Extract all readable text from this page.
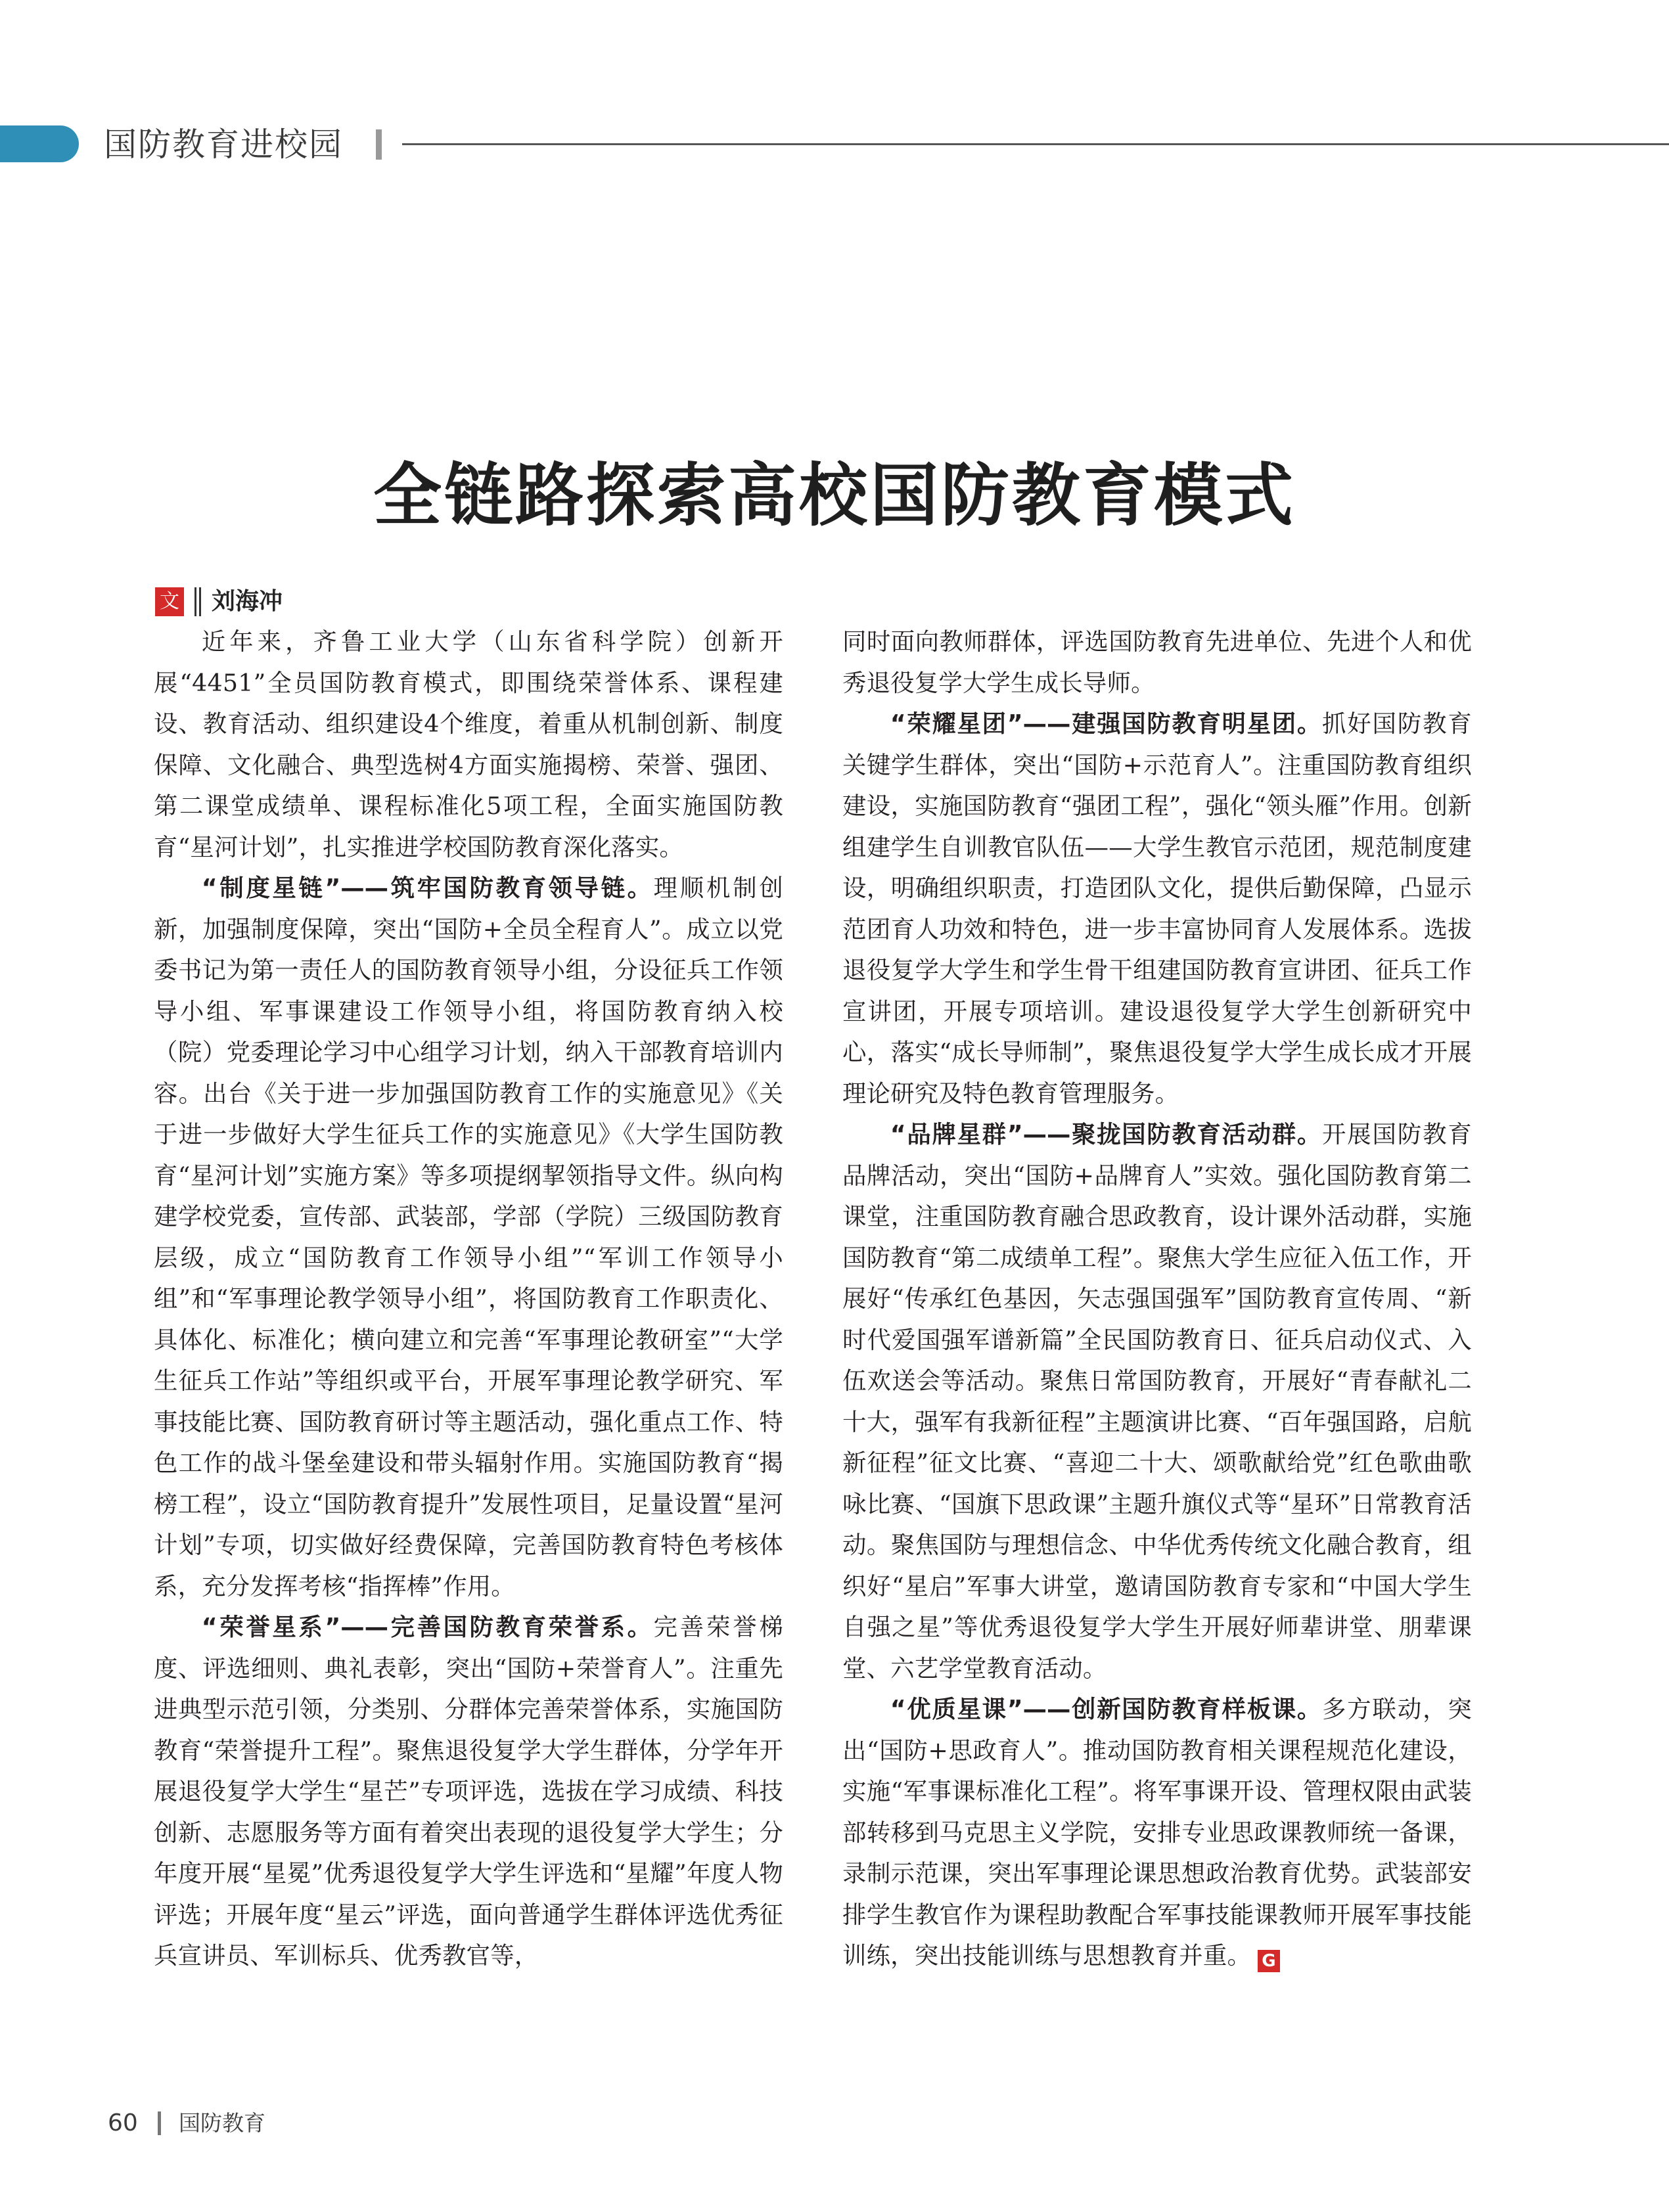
国防教育进校园
全链路探索高校国防教育模式
文 刘海冲

近年来，齐鲁工业大学（山东省科学院）创新开展“4451”全员国防教育模式，即围绕荣誉体系、课程建设、教育活动、组织建设4个维度，着重从机制创新、制度保障、文化融合、典型选树4方面实施揭榜、荣誉、强团、第二课堂成绩单、课程标准化5项工程，全面实施国防教育“星河计划”，扎实推进学校国防教育深化落实。

“制度星链”——筑牢国防教育领导链。理顺机制创新，加强制度保障，突出“国防+全员全程育人”。成立以党委书记为第一责任人的国防教育领导小组，分设征兵工作领导小组、军事课建设工作领导小组，将国防教育纳入校（院）党委理论学习中心组学习计划，纳入干部教育培训内容。出台《关于进一步加强国防教育工作的实施意见》《关于进一步做好大学生征兵工作的实施意见》《大学生国防教育“星河计划”实施方案》等多项提纲挈领指导文件。纵向构建学校党委，宣传部、武装部，学部（学院）三级国防教育层级，成立“国防教育工作领导小组”“军训工作领导小组”和“军事理论教学领导小组”，将国防教育工作职责化、具体化、标准化；横向建立和完善“军事理论教研室”“大学生征兵工作站”等组织或平台，开展军事理论教学研究、军事技能比赛、国防教育研讨等主题活动，强化重点工作、特色工作的战斗堡垒建设和带头辐射作用。实施国防教育“揭榜工程”，设立“国防教育提升”发展性项目，足量设置“星河计划”专项，切实做好经费保障，完善国防教育特色考核体系，充分发挥考核“指挥棒”作用。

“荣誉星系”——完善国防教育荣誉系。完善荣誉梯度、评选细则、典礼表彰，突出“国防+荣誉育人”。注重先进典型示范引领，分类别、分群体完善荣誉体系，实施国防教育“荣誉提升工程”。聚焦退役复学大学生群体，分学年开展退役复学大学生“星芒”专项评选，选拔在学习成绩、科技创新、志愿服务等方面有着突出表现的退役复学大学生；分年度开展“星冕”优秀退役复学大学生评选和“星耀”年度人物评选；开展年度“星云”评选，面向普通学生群体评选优秀征兵宣讲员、军训标兵、优秀教官等，

同时面向教师群体，评选国防教育先进单位、先进个人和优秀退役复学大学生成长导师。

“荣耀星团”——建强国防教育明星团。抓好国防教育关键学生群体，突出“国防+示范育人”。注重国防教育组织建设，实施国防教育“强团工程”，强化“领头雁”作用。创新组建学生自训教官队伍——大学生教官示范团，规范制度建设，明确组织职责，打造团队文化，提供后勤保障，凸显示范团育人功效和特色，进一步丰富协同育人发展体系。选拔退役复学大学生和学生骨干组建国防教育宣讲团、征兵工作宣讲团，开展专项培训。建设退役复学大学生创新研究中心，落实“成长导师制”，聚焦退役复学大学生成长成才开展理论研究及特色教育管理服务。

“品牌星群”——聚拢国防教育活动群。开展国防教育品牌活动，突出“国防+品牌育人”实效。强化国防教育第二课堂，注重国防教育融合思政教育，设计课外活动群，实施国防教育“第二成绩单工程”。聚焦大学生应征入伍工作，开展好“传承红色基因，矢志强国强军”国防教育宣传周、“新时代爱国强军谱新篇”全民国防教育日、征兵启动仪式、入伍欢送会等活动。聚焦日常国防教育，开展好“青春献礼二十大，强军有我新征程”主题演讲比赛、“百年强国路，启航新征程”征文比赛、“喜迎二十大、颂歌献给党”红色歌曲歌咏比赛、“国旗下思政课”主题升旗仪式等“星环”日常教育活动。聚焦国防与理想信念、中华优秀传统文化融合教育，组织好“星启”军事大讲堂，邀请国防教育专家和“中国大学生自强之星”等优秀退役复学大学生开展好师辈讲堂、朋辈课堂、六艺学堂教育活动。

“优质星课”——创新国防教育样板课。多方联动，突出“国防+思政育人”。推动国防教育相关课程规范化建设，实施“军事课标准化工程”。将军事课开设、管理权限由武装部转移到马克思主义学院，安排专业思政课教师统一备课，录制示范课，突出军事理论课思想政治教育优势。武装部安排学生教官作为课程助教配合军事技能课教师开展军事技能训练，突出技能训练与思想教育并重。 G

60 国防教育
